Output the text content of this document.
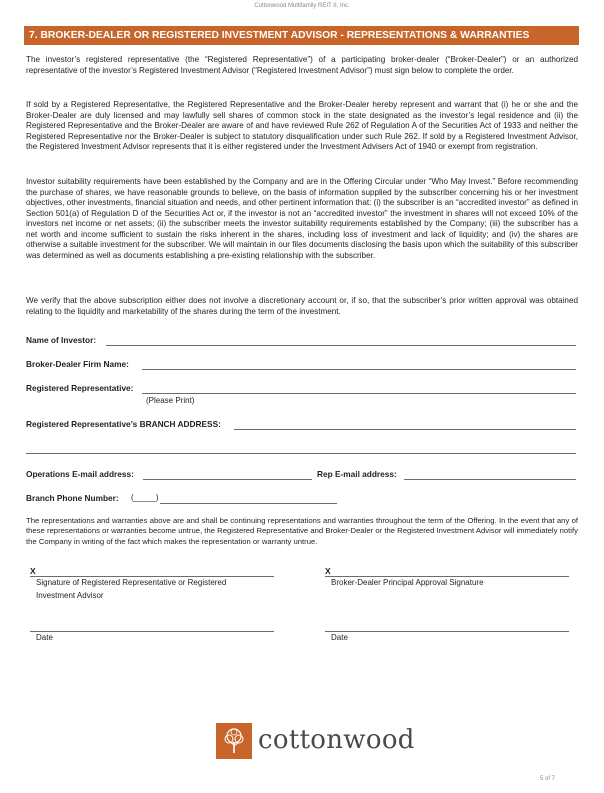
Cottonwood Multifamily REIT II, Inc.
7. BROKER-DEALER OR REGISTERED INVESTMENT ADVISOR - REPRESENTATIONS & WARRANTIES

The investor’s registered representative (the “Registered Representative”) of a participating broker-dealer (“Broker-Dealer”) or an authorized representative of the investor’s Registered Investment Advisor (“Registered Investment Advisor”) must sign below to complete the order.

If sold by a Registered Representative, the Registered Representative and the Broker-Dealer hereby represent and warrant that (i) he or she and the Broker-Dealer are duly licensed and may lawfully sell shares of common stock in the state designated as the investor’s legal residence and (ii) the Registered Representative and the Broker-Dealer are aware of and have reviewed Rule 262 of Regulation A of the Securities Act of 1933 and neither the Registered Representative nor the Broker-Dealer is subject to statutory disqualification under such Rule 262. If sold by a Registered Investment Advisor, the Registered Investment Advisor represents that it is either registered under the Investment Advisers Act of 1940 or exempt from registration.

Investor suitability requirements have been established by the Company and are in the Offering Circular under “Who May Invest.” Before recommending the purchase of shares, we have reasonable grounds to believe, on the basis of information supplied by the subscriber concerning his or her investment objectives, other investments, financial situation and needs, and other pertinent information that: (i) the subscriber is an “accredited investor” as defined in Section 501(a) of Regulation D of the Securities Act or, if the investor is not an “accredited investor” the investment in shares will not exceed 10% of the investors net income or net assets; (ii) the subscriber meets the investor suitability requirements established by the Company; (iii) the subscriber has a net worth and income sufficient to sustain the risks inherent in the shares, including loss of investment and lack of liquidity; and (iv) the shares are otherwise a suitable investment for the subscriber. We will maintain in our files documents disclosing the basis upon which the suitability of this subscriber was determined as well as documents establishing a pre-existing relationship with the subscriber.

We verify that the above subscription either does not involve a discretionary account or, if so, that the subscriber’s prior written approval was obtained relating to the liquidity and marketability of the shares during the term of the investment.

Name of Investor:
Broker-Dealer Firm Name:
Registered Representative:
(Please Print)
Registered Representative’s BRANCH ADDRESS:
Operations E-mail address:	Rep E-mail address:
Branch Phone Number: (_____)

The representations and warranties above are and shall be continuing representations and warranties throughout the term of the Offering. In the event that any of these representations or warranties become untrue, the Registered Representative and Broker-Dealer or the Registered Investment Advisor will immediately notify the Company in writing of the fact which makes the representation or warranty untrue.

X
Signature of Registered Representative or Registered
Investment Advisor
X
Broker-Dealer Principal Approval Signature
Date	Date
cottonwood
5 of 7
